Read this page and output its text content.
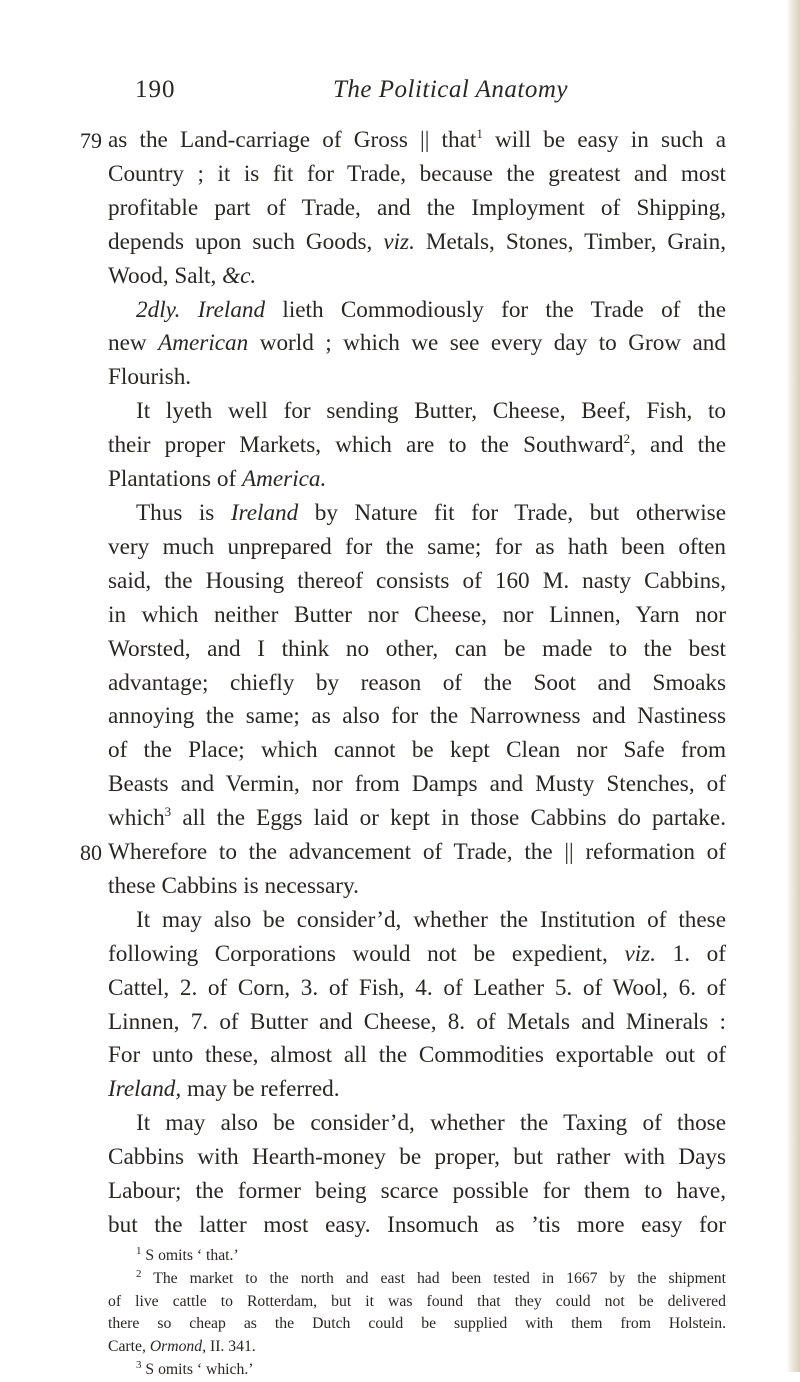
190	The Political Anatomy
79 as the Land-carriage of Gross || that$^1$ will be easy in such a
Country ; it is fit for Trade, because the greatest and most
profitable part of Trade, and the Imployment of Shipping,
depends upon such Goods, viz. Metals, Stones, Timber, Grain,
Wood, Salt, &c.
2dly. Ireland lieth Commodiously for the Trade of the
new American world ; which we see every day to Grow and
Flourish.
It lyeth well for sending Butter, Cheese, Beef, Fish, to
their proper Markets, which are to the Southward$^2$, and the
Plantations of America.
Thus is Ireland by Nature fit for Trade, but otherwise
very much unprepared for the same; for as hath been often
said, the Housing thereof consists of 160 M. nasty Cabbins,
in which neither Butter nor Cheese, nor Linnen, Yarn nor
Worsted, and I think no other, can be made to the best
advantage; chiefly by reason of the Soot and Smoaks
annoying the same; as also for the Narrowness and Nastiness
of the Place; which cannot be kept Clean nor Safe from
Beasts and Vermin, nor from Damps and Musty Stenches, of
which$^3$ all the Eggs laid or kept in those Cabbins do partake.
80 Wherefore to the advancement of Trade, the || reformation of
these Cabbins is necessary.
It may also be consider’d, whether the Institution of these
following Corporations would not be expedient, viz. 1. of
Cattel, 2. of Corn, 3. of Fish, 4. of Leather 5. of Wool, 6. of
Linnen, 7. of Butter and Cheese, 8. of Metals and Minerals :
For unto these, almost all the Commodities exportable out of
Ireland, may be referred.
It may also be consider’d, whether the Taxing of those
Cabbins with Hearth-money be proper, but rather with Days
Labour; the former being scarce possible for them to have,
but the latter most easy. Insomuch as ’tis more easy for
$^1$ S omits ‘ that.’
$^2$ The market to the north and east had been tested in 1667 by the shipment
of live cattle to Rotterdam, but it was found that they could not be delivered
there so cheap as the Dutch could be supplied with them from Holstein.
Carte, Ormond, II. 341.
$^3$ S omits ‘ which.’
